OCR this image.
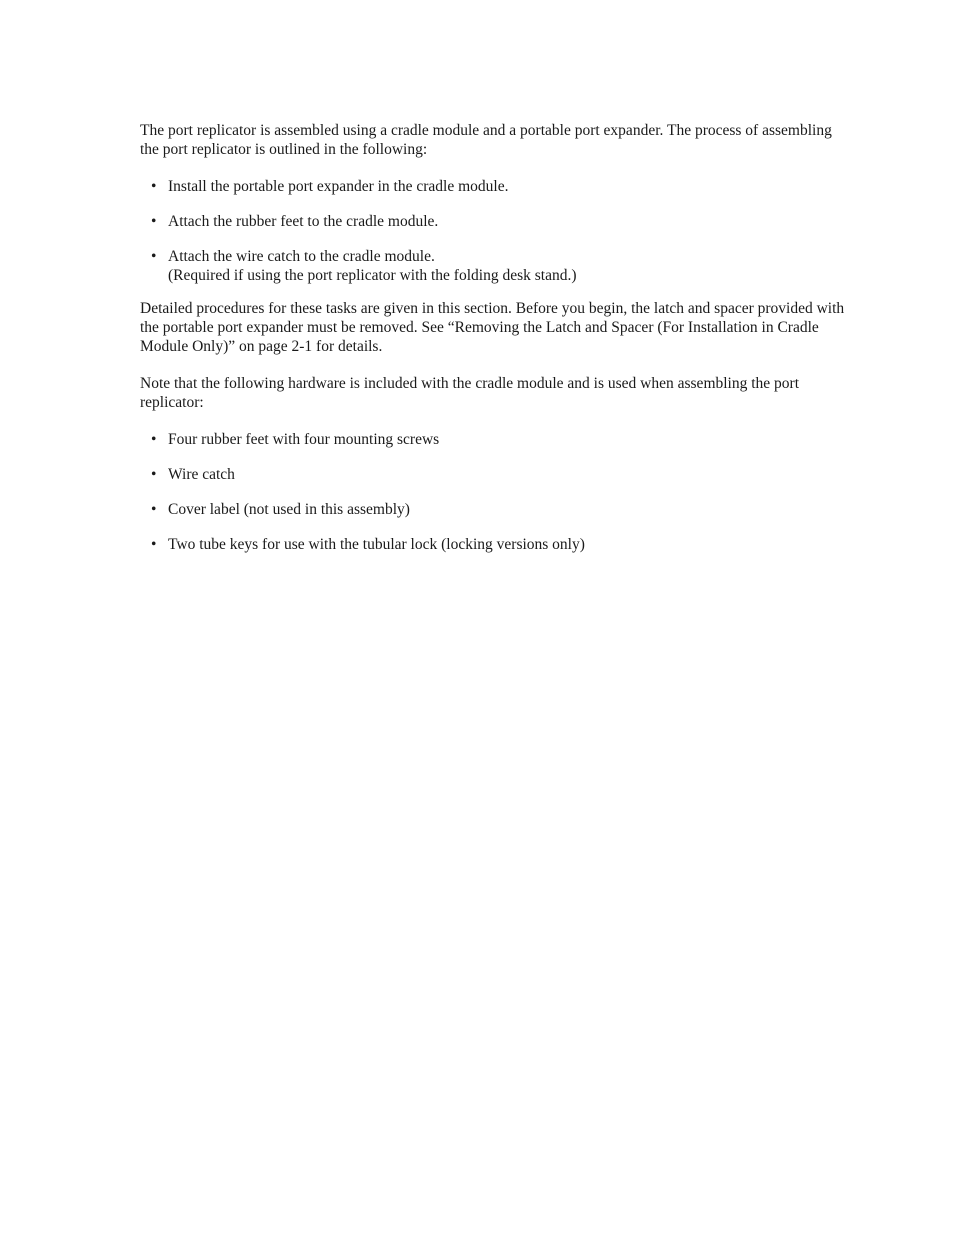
The port replicator is assembled using a cradle module and a portable port expander. The process of assembling the port replicator is outlined in the following:

• Install the portable port expander in the cradle module.
• Attach the rubber feet to the cradle module.
• Attach the wire catch to the cradle module.
(Required if using the port replicator with the folding desk stand.)

Detailed procedures for these tasks are given in this section. Before you begin, the latch and spacer provided with the portable port expander must be removed. See “Removing the Latch and Spacer (For Installation in Cradle Module Only)” on page 2-1 for details.

Note that the following hardware is included with the cradle module and is used when assembling the port replicator:

• Four rubber feet with four mounting screws
• Wire catch
• Cover label (not used in this assembly)
• Two tube keys for use with the tubular lock (locking versions only)
